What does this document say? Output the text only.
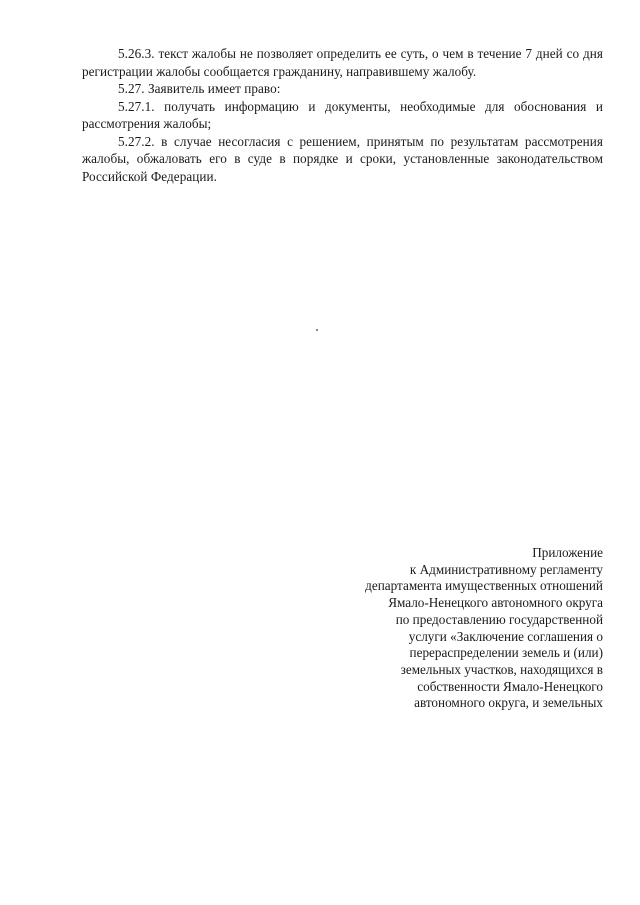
5.26.3. текст жалобы не позволяет определить ее суть, о чем в течение 7 дней со дня регистрации жалобы сообщается гражданину, направившему жалобу.

5.27. Заявитель имеет право:

5.27.1. получать информацию и документы, необходимые для обоснования и рассмотрения жалобы;

5.27.2. в случае несогласия с решением, принятым по результатам рассмотрения жалобы, обжаловать его в суде в порядке и сроки, установленные законодательством Российской Федерации.

Приложение
к Административному регламенту
департамента имущественных отношений
Ямало-Ненецкого автономного округа
по предоставлению государственной
услуги «Заключение соглашения о
перераспределении земель и (или)
земельных участков, находящихся в
собственности Ямало-Ненецкого
автономного округа, и земельных
